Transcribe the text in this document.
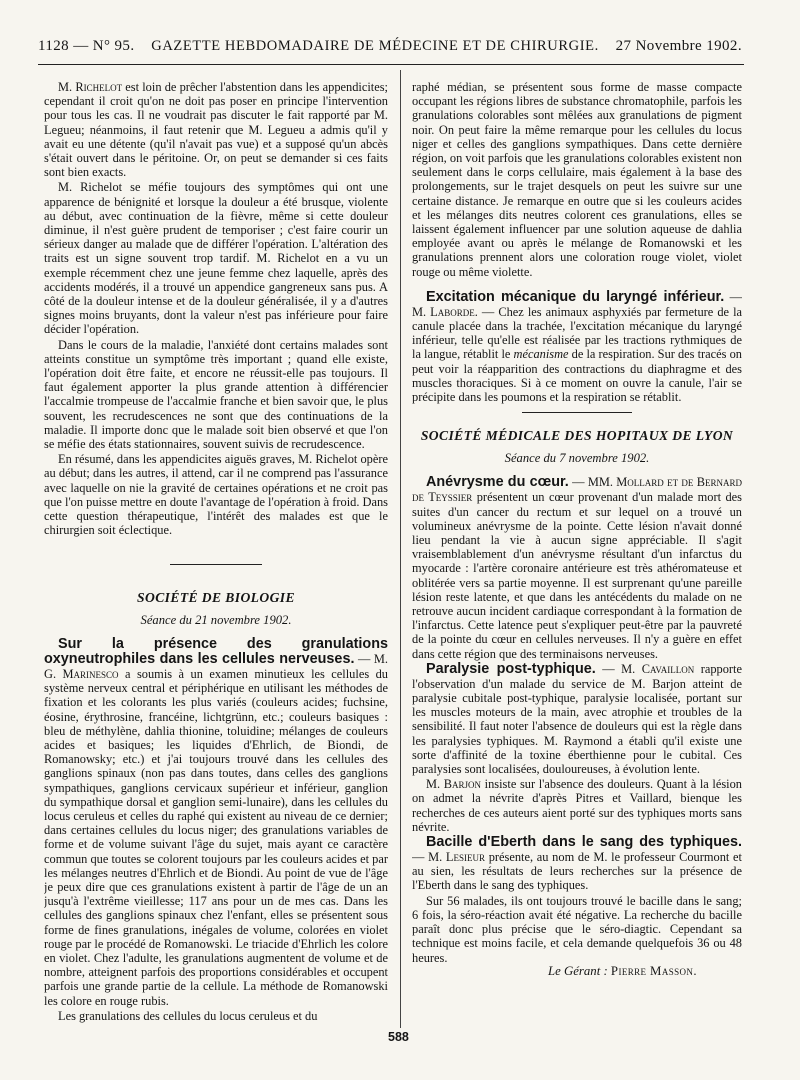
1128 — N° 95. GAZETTE HEBDOMADAIRE DE MÉDECINE ET DE CHIRURGIE. 27 Novembre 1902.

M. Richelot est loin de prêcher l'abstention dans les appendicites; cependant il croit qu'on ne doit pas poser en principe l'intervention pour tous les cas. Il ne voudrait pas discuter le fait rapporté par M. Legueu; néanmoins, il faut retenir que M. Legueu a admis qu'il y avait eu une détente (qu'il n'avait pas vue) et a supposé qu'un abcès s'était ouvert dans le péritoine. Or, on peut se demander si ces faits sont bien exacts.

M. Richelot se méfie toujours des symptômes qui ont une apparence de bénignité et lorsque la douleur a été brusque, violente au début, avec continuation de la fièvre, même si cette douleur diminue, il n'est guère prudent de temporiser ; c'est faire courir un sérieux danger au malade que de différer l'opération. L'altération des traits est un signe souvent trop tardif. M. Richelot en a vu un exemple récemment chez une jeune femme chez laquelle, après des accidents modérés, il a trouvé un appendice gangreneux sans pus. A côté de la douleur intense et de la douleur généralisée, il y a d'autres signes moins bruyants, dont la valeur n'est pas inférieure pour faire décider l'opération.

Dans le cours de la maladie, l'anxiété dont certains malades sont atteints constitue un symptôme très important ; quand elle existe, l'opération doit être faite, et encore ne réussit-elle pas toujours. Il faut également apporter la plus grande attention à différencier l'accalmie trompeuse de l'accalmie franche et bien savoir que, le plus souvent, les recrudescences ne sont que des continuations de la maladie. Il importe donc que le malade soit bien observé et que l'on se méfie des états stationnaires, souvent suivis de recrudescence.

En résumé, dans les appendicites aiguës graves, M. Richelot opère au début; dans les autres, il attend, car il ne comprend pas l'assurance avec laquelle on nie la gravité de certaines opérations et ne croit pas que l'on puisse mettre en doute l'avantage de l'opération à froid. Dans cette question thérapeutique, l'intérêt des malades est que le chirurgien soit éclectique.

SOCIÉTÉ DE BIOLOGIE
Séance du 21 novembre 1902.

Sur la présence des granulations oxyneutrophiles dans les cellules nerveuses. — M. G. Marinesco a soumis à un examen minutieux les cellules du système nerveux central et périphérique en utilisant les méthodes de fixation et les colorants les plus variés (couleurs acides; fuchsine, éosine, érythrosine, francéine, lichtgrünn, etc.; couleurs basiques : bleu de méthylène, dahlia thionine, toluidine; mélanges de couleurs acides et basiques; les liquides d'Ehrlich, de Biondi, de Romanowsky; etc.) et j'ai toujours trouvé dans les cellules des ganglions spinaux (non pas dans toutes, dans celles des ganglions sympathiques, ganglions cervicaux supérieur et inférieur, ganglion du sympathique dorsal et ganglion semi-lunaire), dans les cellules du locus ceruleus et celles du raphé qui existent au niveau de ce dernier; dans certaines cellules du locus niger; des granulations variables de forme et de volume suivant l'âge du sujet, mais ayant ce caractère commun que toutes se colorent toujours par les couleurs acides et par les mélanges neutres d'Ehrlich et de Biondi. Au point de vue de l'âge je peux dire que ces granulations existent à partir de l'âge de un an jusqu'à l'extrême vieillesse; 117 ans pour un de mes cas. Dans les cellules des ganglions spinaux chez l'enfant, elles se présentent sous forme de fines granulations, inégales de volume, colorées en violet rouge par le procédé de Romanowski. Le triacide d'Ehrlich les colore en violet. Chez l'adulte, les granulations augmentent de volume et de nombre, atteignent parfois des proportions considérables et occupent parfois une grande partie de la cellule. La méthode de Romanowski les colore en rouge rubis.

Les granulations des cellules du locus ceruleus et du

raphé médian, se présentent sous forme de masse compacte occupant les régions libres de substance chromatophile, parfois les granulations colorables sont mêlées aux granulations de pigment noir. On peut faire la même remarque pour les cellules du locus niger et celles des ganglions sympathiques. Dans cette dernière région, on voit parfois que les granulations colorables existent non seulement dans le corps cellulaire, mais également à la base des prolongements, sur le trajet desquels on peut les suivre sur une certaine distance. Je remarque en outre que si les couleurs acides et les mélanges dits neutres colorent ces granulations, elles se laissent également influencer par une solution aqueuse de dahlia employée avant ou après le mélange de Romanowski et les granulations prennent alors une coloration rouge violet, violet rouge ou même violette.

Excitation mécanique du laryngé inférieur. — M. Laborde. — Chez les animaux asphyxiés par fermeture de la canule placée dans la trachée, l'excitation mécanique du laryngé inférieur, telle qu'elle est réalisée par les tractions rythmiques de la langue, rétablit le mécanisme de la respiration. Sur des tracés on peut voir la réapparition des contractions du diaphragme et des muscles thoraciques. Si à ce moment on ouvre la canule, l'air se précipite dans les poumons et la respiration se rétablit.

SOCIÉTÉ MÉDICALE DES HOPITAUX DE LYON
Séance du 7 novembre 1902.

Anévrysme du cœur. — MM. Mollard et de Bernard de Teyssier présentent un cœur provenant d'un malade mort des suites d'un cancer du rectum et sur lequel on a trouvé un volumineux anévrysme de la pointe. Cette lésion n'avait donné lieu pendant la vie à aucun signe appréciable. Il s'agit vraisemblablement d'un anévrysme résultant d'un infarctus du myocarde : l'artère coronaire antérieure est très athéromateuse et oblitérée vers sa partie moyenne. Il est surprenant qu'une pareille lésion reste latente, et que dans les antécédents du malade on ne retrouve aucun incident cardiaque correspondant à la formation de l'infarctus. Cette latence peut s'expliquer peut-être par la pauvreté de la pointe du cœur en cellules nerveuses. Il n'y a guère en effet dans cette région que des terminaisons nerveuses.

Paralysie post-typhique. — M. Cavaillon rapporte l'observation d'un malade du service de M. Barjon atteint de paralysie cubitale post-typhique, paralysie localisée, portant sur les muscles moteurs de la main, avec atrophie et troubles de la sensibilité. Il faut noter l'absence de douleurs qui est la règle dans les paralysies typhiques. M. Raymond a établi qu'il existe une sorte d'affinité de la toxine éberthienne pour le cubital. Ces paralysies sont localisées, douloureuses, à évolution lente.

M. Barjon insiste sur l'absence des douleurs. Quant à la lésion on admet la névrite d'après Pitres et Vaillard, bienque les recherches de ces auteurs aient porté sur des typhiques morts sans névrite.

Bacille d'Eberth dans le sang des typhiques. — M. Lesieur présente, au nom de M. le professeur Courmont et au sien, les résultats de leurs recherches sur la présence de l'Eberth dans le sang des typhiques.

Sur 56 malades, ils ont toujours trouvé le bacille dans le sang; 6 fois, la séro-réaction avait été négative. La recherche du bacille paraît donc plus précise que le séro-diagtic. Cependant sa technique est moins facile, et cela demande quelquefois 36 ou 48 heures.

Le Gérant : Pierre Masson.
588
